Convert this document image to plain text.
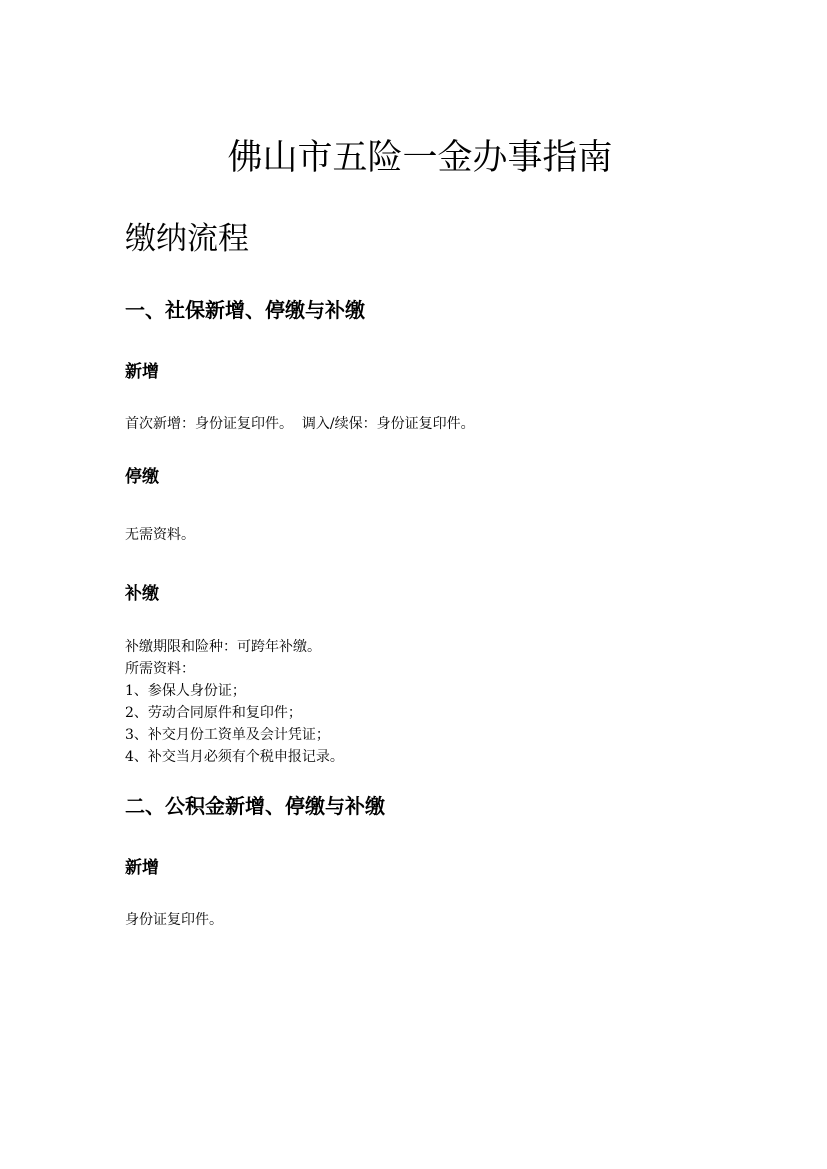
佛山市五险一金办事指南
缴纳流程
一、社保新增、停缴与补缴
新增

首次新增：身份证复印件。  调入/续保：身份证复印件。

停缴

无需资料。

补缴
补缴期限和险种：可跨年补缴。
所需资料：
1、参保人身份证；
2、劳动合同原件和复印件；
3、补交月份工资单及会计凭证；
4、补交当月必须有个税申报记录。
二、公积金新增、停缴与补缴
新增

身份证复印件。
